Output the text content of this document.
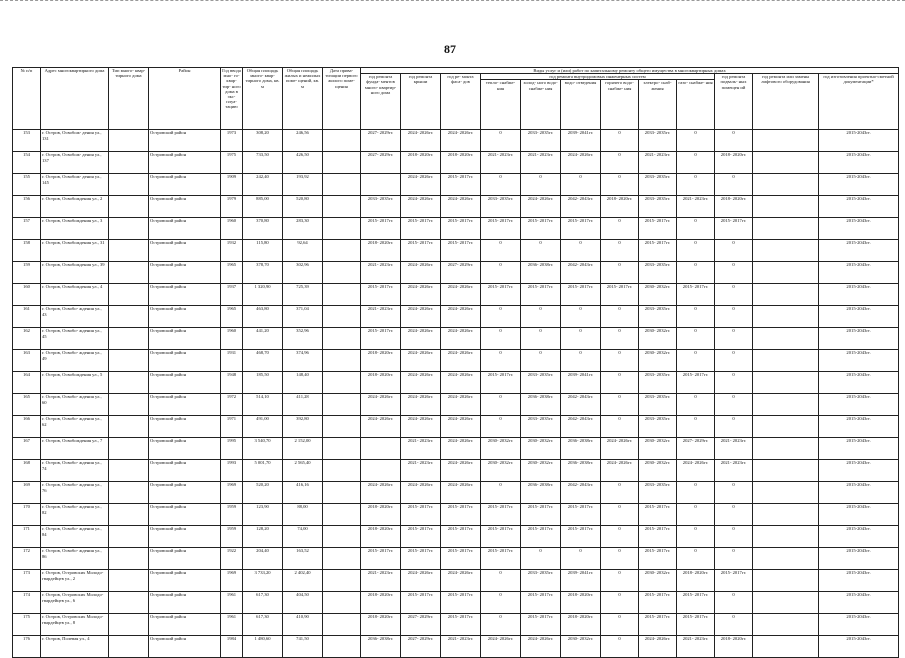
87
№ п/п	Адрес многоквартирного дома	Тип много- квар- тирного дома	Район	Год ввода мно- го- квар- тир- ного дома в экс- плуа- тацию	Общая площадь много- квар- тирного дома, кв. м	Общая площадь жилых и нежилых поме- щений, кв. м	Дата прива- тизации первого жилого поме- щения	Виды услуг и (или) работ по капитальному ремонту общего имущества в многоквартирных домах											
								год ремонта фунда- ментов много- квартир- ного дома	год ремонта крыши	год ре- монта фаса- дов	год ремонта внутридомовых инженерных систем						год ремонта подваль- ных помещен ий	год ремонта или замены лифтового оборудования	год изготовления проектно-сметной документации*
											тепло- снабже- ния	холод- ного водо- снабже- ния	водо- отведения	горячего водо- снабже- ния	электро- снаб- жения	газо- снабже- ния			
153	г. Остров, Освобож- дения ул., 131		Островский район	1973	308,20	246,56		2027- 2029гг.	2024- 2026гг.	2024- 2026гг.	0	2033- 2035гг.	2039- 2041гг.	0	2033- 2035гг.	0	0		2015-2043гг.
154	г. Остров, Освобож- дения ул., 137		Островский район	1975	733,50	426,50		2027- 2029гг.	2018- 2020гг.	2018- 2020гг.	2021- 2023гг.	2021- 2023гг.	2024- 2026гг.	0	2021- 2023гг.	0	2018- 2020гг.		2015-2043гг.
155	г. Остров, Освобож- дения ул., 145		Островский район	1909	242,40	193,92			2024- 2026гг.	2015- 2017гг.	0	0	0	0	2033- 2035гг.	0	0		2015-2043гг.
156	г. Остров, Освобождения ул., 2		Островский район	1979	885,00	520,80		2033- 2035гг.	2024- 2026гг.	2024- 2026гг.	2033- 2035гг.	2024- 2026гг.	2042- 2043гг.	2018- 2020гг.	2033- 2035гг.	2021- 2023гг.	2018- 2020гг.		2015-2043гг.
157	г. Остров, Освобождения ул., 3		Островский район	1960	370,80	283,30		2015- 2017гг.	2015- 2017гг.	2015- 2017гг.	2015- 2017гг.	2015- 2017гг.	2015- 2017гг.	0	2015- 2017гг.	0	2015- 2017гг.		2015-2043гг.
158	г. Остров, Освобождения ул., 31		Островский район	1932	115,80	92,64		2018- 2020гг.	2015- 2017гг.	2015- 2017гг.	0	0	0	0	2015- 2017гг.	0	0		2015-2043гг.
159	г. Остров, Освобождения ул., 39		Островский район	1965	378,70	302,96		2021- 2023гг.	2024- 2026гг.	2027- 2029гг.	0	2036- 2038гг.	2042- 2043гг.	0	2033- 2035гг.	0	0		2015-2043гг.
160	г. Остров, Освобождения ул., 4		Островский район	1937	1 320,90	725,39		2015- 2017гг.	2024- 2026гг.	2024- 2026гг.	2015- 2017гг.	2015- 2017гг.	2015- 2017гг.	2015- 2017гг.	2030- 2032гг.	2015- 2017гг.	0		2015-2043гг.
161	г. Остров, Освобо- ждения ул., 43		Островский район	1965	463,80	371,04		2021- 2023гг.	2024- 2026гг.	2024- 2026гг.	0	0	0	0	2033- 2035гг.	0	0		2015-2043гг.
162	г. Остров, Освобо- ждения ул., 45		Островский район	1960	441,20	352,96		2015- 2017гг.	2024- 2026гг.	2024- 2026гг.	0	0	0	0	2030- 2032гг.	0	0		2015-2043гг.
163	г. Остров, Освобо- ждения ул., 49		Островский район	1931	468,70	374,96		2018- 2020гг.	2024- 2026гг.	2024- 2026гг.	0	0	0	0	2030- 2032гг.	0	0		2015-2043гг.
164	г. Остров, Освобождения ул., 5		Островский район	1948	185,50	148,40		2018- 2020гг.	2024- 2026гг.	2024- 2026гг.	2015- 2017гг.	2033- 2035гг.	2039- 2041гг.	0	2033- 2035гг.	2015- 2017гг.	0		2015-2043гг.
165	г. Остров, Освобо- ждения ул., 60		Островский район	1972	514,10	411,28		2024- 2026гг.	2024- 2026гг.	2024- 2026гг.	0	2036- 2038гг.	2042- 2043гг.	0	2033- 2035гг.	0	0		2015-2043гг.
166	г. Остров, Освобо- ждения ул., 62		Островский район	1971	491,00	392,80		2024- 2026гг.	2024- 2026гг.	2024- 2026гг.	0	2033- 2035гг.	2042- 2043гг.	0	2033- 2035гг.	0	0		2015-2043гг.
167	г. Остров, Освобождения ул., 7		Островский район	1995	3 540,70	2 152,00			2021- 2023гг.	2024- 2026гг.	2030- 2032гг.	2030- 2032гг.	2036- 2038гг.	2024- 2026гг.	2030- 2032гг.	2027- 2029гг.	2021- 2023гг.		2015-2043гг.
168	г. Остров, Освобо- ждения ул., 74		Островский район	1993	5 001,70	2 565,40			2021- 2023гг.	2024- 2026гг.	2030- 2032гг.	2030- 2032гг.	2036- 2038гг.	2024- 2026гг.	2030- 2032гг.	2024- 2026гг.	2021- 2023гг.		2015-2043гг.
169	г. Остров, Освобо- ждения ул., 76		Островский район	1969	520,20	416,16		2024- 2026гг.	2024- 2026гг.	2024- 2026гг.	0	2036- 2038гг.	2042- 2043гг.	0	2033- 2035гг.	0	0		2015-2043гг.
170	г. Остров, Освобо- ждения ул., 82		Островский район	1959	123,90	88,00		2018- 2020гг.	2015- 2017гг.	2015- 2017гг.	2015- 2017гг.	2015- 2017гг.	2015- 2017гг.	0	2015- 2017гг.	0	0		2015-2043гг.
171	г. Остров, Освобо- ждения ул., 84		Островский район	1959	128,20	74,00		2018- 2020гг.	2015- 2017гг.	2015- 2017гг.	2015- 2017гг.	2015- 2017гг.	2015- 2017гг.	0	2015- 2017гг.	0	0		2015-2043гг.
172	г. Остров, Освобо- ждения ул., 86		Островский район	1922	204,40	163,52		2015- 2017гг.	2015- 2017гг.	2015- 2017гг.	2015- 2017гг.	0	0	0	2015- 2017гг.	0	0		2015-2043гг.
173	г. Остров, Островских Молодо- гвардейцев ул., 2		Островский район	1969	3 733,20	2 402,40		2021- 2023гг.	2024- 2026гг.	2024- 2026гг.	0	2033- 2035гг.	2039- 2041гг.	0	2030- 2032гг.	2018- 2020гг.	2015- 2017гг.		2015-2043гг.
174	г. Остров, Островских Молодо- гвардейцев ул., 6		Островский район	1961	617,30	404,50		2018- 2020гг.	2015- 2017гг.	2015- 2017гг.	0	2015- 2017гг.	2018- 2020гг.	0	2015- 2017гг.	2015- 2017гг.	0		2015-2043гг.
175	г. Остров, Островских Молодо- гвардейцев ул., 8		Островский район	1961	617,30	410,90		2018- 2020гг.	2027- 2029гг.	2015- 2017гг.	0	2015- 2017гг.	2018- 2020гг.	0	2015- 2017гг.	2015- 2017гг.	0		2015-2043гг.
176	г. Остров, Полевая ул., 4		Островский район	1984	1 480,60	741,50		2036- 2038гг.	2027- 2029гг.	2021- 2023гг.	2024- 2026гг.	2024- 2026гг.	2030- 2032гг.	0	2024- 2026гг.	2021- 2023гг.	2018- 2020гг.		2015-2043гг.
